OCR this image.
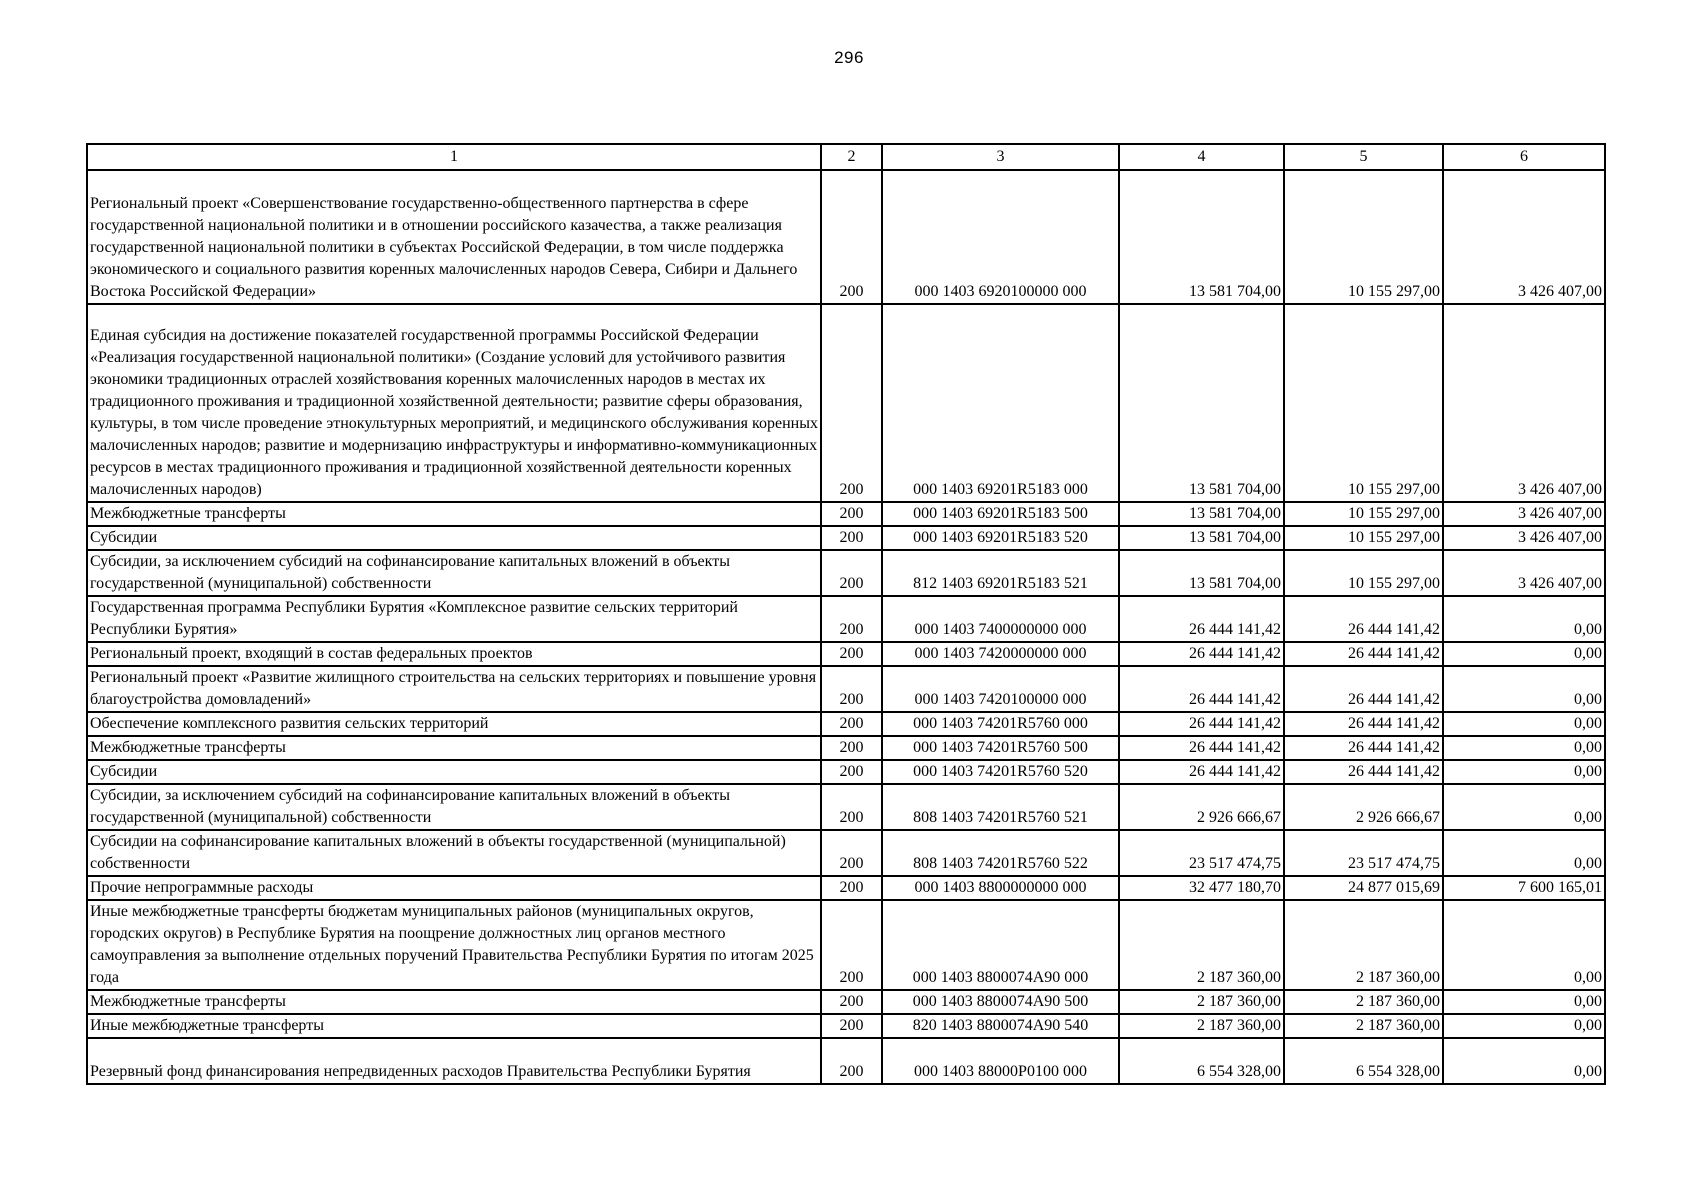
296
1	2	3	4	5	6
Региональный проект «Совершенствование государственно-общественного партнерства в сфере государственной национальной политики и в отношении российского казачества, а также реализация государственной национальной политики в субъектах Российской Федерации, в том числе поддержка экономического и социального развития коренных малочисленных народов Севера, Сибири и Дальнего Востока Российской Федерации»	200	000 1403 6920100000 000	13 581 704,00	10 155 297,00	3 426 407,00
Единая субсидия на достижение показателей государственной программы Российской Федерации «Реализация государственной национальной политики» (Создание условий для устойчивого развития экономики традиционных отраслей хозяйствования коренных малочисленных народов в местах их традиционного проживания и традиционной хозяйственной деятельности; развитие сферы образования, культуры, в том числе проведение этнокультурных мероприятий, и медицинского обслуживания коренных малочисленных народов; развитие и модернизацию инфраструктуры и информативно-коммуникационных ресурсов в местах традиционного проживания и традиционной хозяйственной деятельности коренных малочисленных народов)	200	000 1403 69201R5183 000	13 581 704,00	10 155 297,00	3 426 407,00
Межбюджетные трансферты	200	000 1403 69201R5183 500	13 581 704,00	10 155 297,00	3 426 407,00
Субсидии	200	000 1403 69201R5183 520	13 581 704,00	10 155 297,00	3 426 407,00
Субсидии, за исключением субсидий на софинансирование капитальных вложений в объекты государственной (муниципальной) собственности	200	812 1403 69201R5183 521	13 581 704,00	10 155 297,00	3 426 407,00
Государственная программа Республики Бурятия «Комплексное развитие сельских территорий Республики Бурятия»	200	000 1403 7400000000 000	26 444 141,42	26 444 141,42	0,00
Региональный проект, входящий в состав федеральных проектов	200	000 1403 7420000000 000	26 444 141,42	26 444 141,42	0,00
Региональный проект «Развитие жилищного строительства на сельских территориях и повышение уровня благоустройства домовладений»	200	000 1403 7420100000 000	26 444 141,42	26 444 141,42	0,00
Обеспечение комплексного развития сельских территорий	200	000 1403 74201R5760 000	26 444 141,42	26 444 141,42	0,00
Межбюджетные трансферты	200	000 1403 74201R5760 500	26 444 141,42	26 444 141,42	0,00
Субсидии	200	000 1403 74201R5760 520	26 444 141,42	26 444 141,42	0,00
Субсидии, за исключением субсидий на софинансирование капитальных вложений в объекты государственной (муниципальной) собственности	200	808 1403 74201R5760 521	2 926 666,67	2 926 666,67	0,00
Субсидии на софинансирование капитальных вложений в объекты государственной (муниципальной) собственности	200	808 1403 74201R5760 522	23 517 474,75	23 517 474,75	0,00
Прочие непрограммные расходы	200	000 1403 8800000000 000	32 477 180,70	24 877 015,69	7 600 165,01
Иные межбюджетные трансферты бюджетам муниципальных районов (муниципальных округов, городских округов) в Республике Бурятия на поощрение должностных лиц органов местного самоуправления за выполнение отдельных поручений Правительства Республики Бурятия по итогам 2025 года	200	000 1403 8800074A90 000	2 187 360,00	2 187 360,00	0,00
Межбюджетные трансферты	200	000 1403 8800074A90 500	2 187 360,00	2 187 360,00	0,00
Иные межбюджетные трансферты	200	820 1403 8800074A90 540	2 187 360,00	2 187 360,00	0,00
Резервный фонд финансирования непредвиденных расходов Правительства Республики Бурятия	200	000 1403 88000P0100 000	6 554 328,00	6 554 328,00	0,00
